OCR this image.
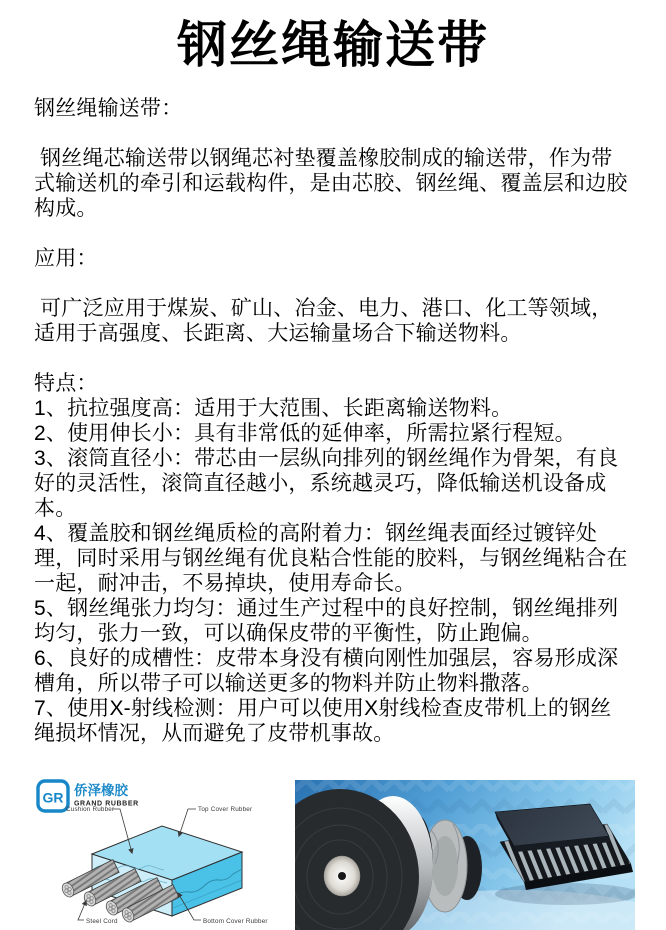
钢丝绳输送带

钢丝绳输送带：

钢丝绳芯输送带以钢绳芯衬垫覆盖橡胶制成的输送带，作为带式输送机的牵引和运载构件，是由芯胶、钢丝绳、覆盖层和边胶构成。

应用：

可广泛应用于煤炭、矿山、冶金、电力、港口、化工等领域，适用于高强度、长距离、大运输量场合下输送物料。

特点：

1、抗拉强度高：适用于大范围、长距离输送物料。

2、使用伸长小：具有非常低的延伸率，所需拉紧行程短。

3、滚筒直径小：带芯由一层纵向排列的钢丝绳作为骨架，有良好的灵活性，滚筒直径越小，系统越灵巧，降低输送机设备成本。

4、覆盖胶和钢丝绳质检的高附着力：钢丝绳表面经过镀锌处理，同时采用与钢丝绳有优良粘合性能的胶料，与钢丝绳粘合在一起，耐冲击，不易掉块，使用寿命长。

5、钢丝绳张力均匀：通过生产过程中的良好控制，钢丝绳排列均匀，张力一致，可以确保皮带的平衡性，防止跑偏。

6、良好的成槽性：皮带本身没有横向刚性加强层，容易形成深槽角，所以带子可以输送更多的物料并防止物料撒落。

7、使用X-射线检测：用户可以使用X射线检查皮带机上的钢丝绳损坏情况，从而避免了皮带机事故。

GR 侨泽橡胶
GRAND RUBBER
Cushion Rubber	Top Cover Rubber
Steel Cord	Bottom Cover Rubber
